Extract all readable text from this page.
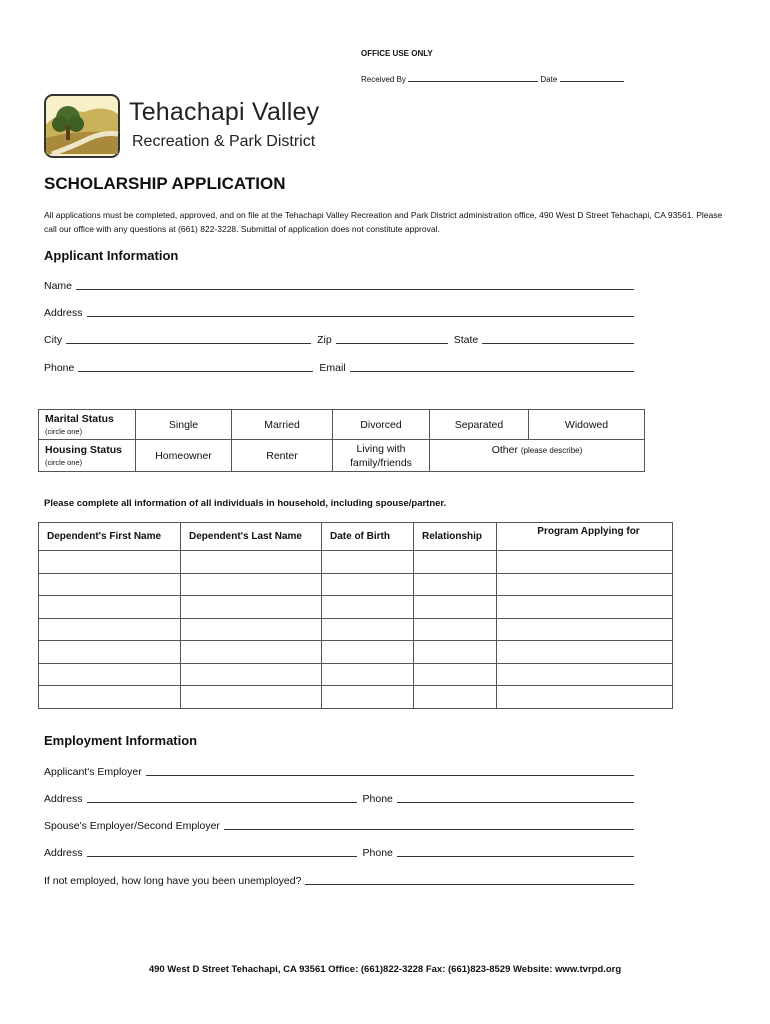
OFFICE USE ONLY
Received By	Date
Tehachapi Valley
Recreation & Park District
SCHOLARSHIP APPLICATION
All applications must be completed, approved, and on file at the Tehachapi Valley Recreation and Park District administration office, 490 West D Street Tehachapi, CA 93561. Please call our office with any questions at (661) 822-3228. Submittal of application does not constitute approval.
Applicant Information
Name
Address
City	Zip	State
Phone	Email
Marital Status
(circle one)	Single	Married	Divorced	Separated	Widowed
Housing Status
(circle one)	Homeowner	Renter	Living with family/friends	Other (please describe)	
Please complete all information of all individuals in household, including spouse/partner.
Dependent's First Name	Dependent's Last Name	Date of Birth	Relationship	Program Applying for

Employment Information
Applicant's Employer
Address	Phone
Spouse's Employer/Second Employer
Address	Phone
If not employed, how long have you been unemployed?
490 West D Street Tehachapi, CA 93561 Office: (661)822-3228 Fax: (661)823-8529 Website: www.tvrpd.org
